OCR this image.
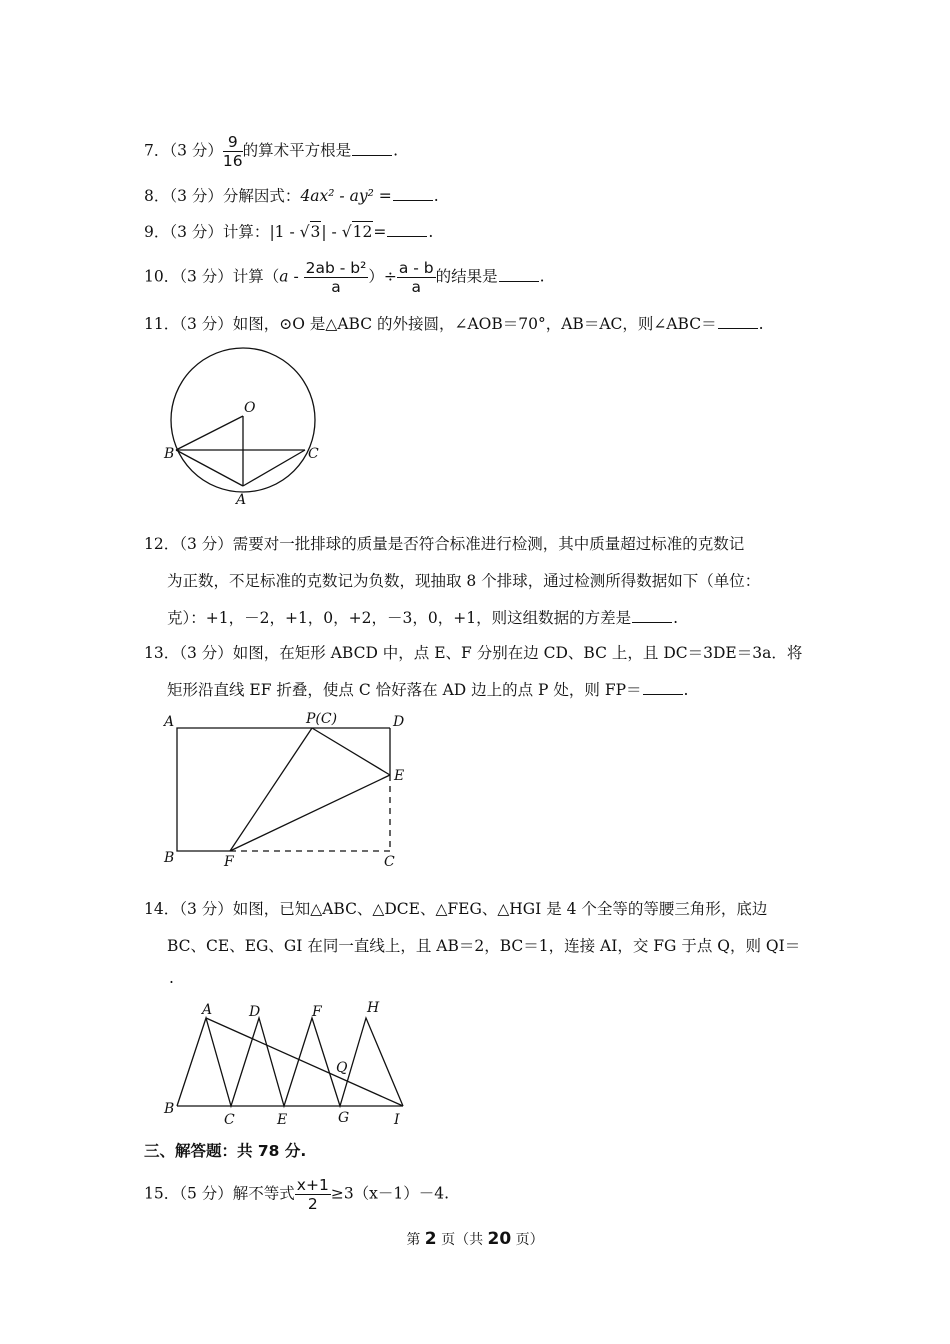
7．（3 分） $\frac{9}{16}$ 的算术平方根是	.
8．（3 分）分解因式：4ax² - ay² =	.
9．（3 分）计算：|1 - √3| - √12=	.
10．（3 分）计算（$a - \frac{\text{2ab - b²}}{a}$ ）÷ $\frac{a - b}{a}$ 的结果是	.
11．（3 分）如图，⊙O 是△ABC 的外接圆，∠AOB＝70°，AB＝AC，则∠ABC＝	.
O
B	C
A
12．（3 分）需要对一批排球的质量是否符合标准进行检测，其中质量超过标准的克数记
为正数，不足标准的克数记为负数，现抽取 8 个排球，通过检测所得数据如下（单位：
克）：+1，－2，+1，0，+2，－3，0，+1，则这组数据的方差是	.
13．（3 分）如图，在矩形 ABCD 中，点 E、F 分别在边 CD、BC 上，且 DC＝3DE＝3a．将
矩形沿直线 EF 折叠，使点 C 恰好落在 AD 边上的点 P 处，则 FP＝	.
A	P(C)	D
E
B	F	C
14．（3 分）如图，已知△ABC、△DCE、△FEG、△HGI 是 4 个全等的等腰三角形，底边
BC、CE、EG、GI 在同一直线上，且 AB＝2，BC＝1，连接 AI，交 FG 于点 Q，则 QI＝
.
A	D	F	H
Q
B
C	E	G	I
三、解答题：共 78 分.
15．（5 分）解不等式 $\frac{x+1}{2} \ge 3(x-1)-4$.
第 2 页（共 20 页）
